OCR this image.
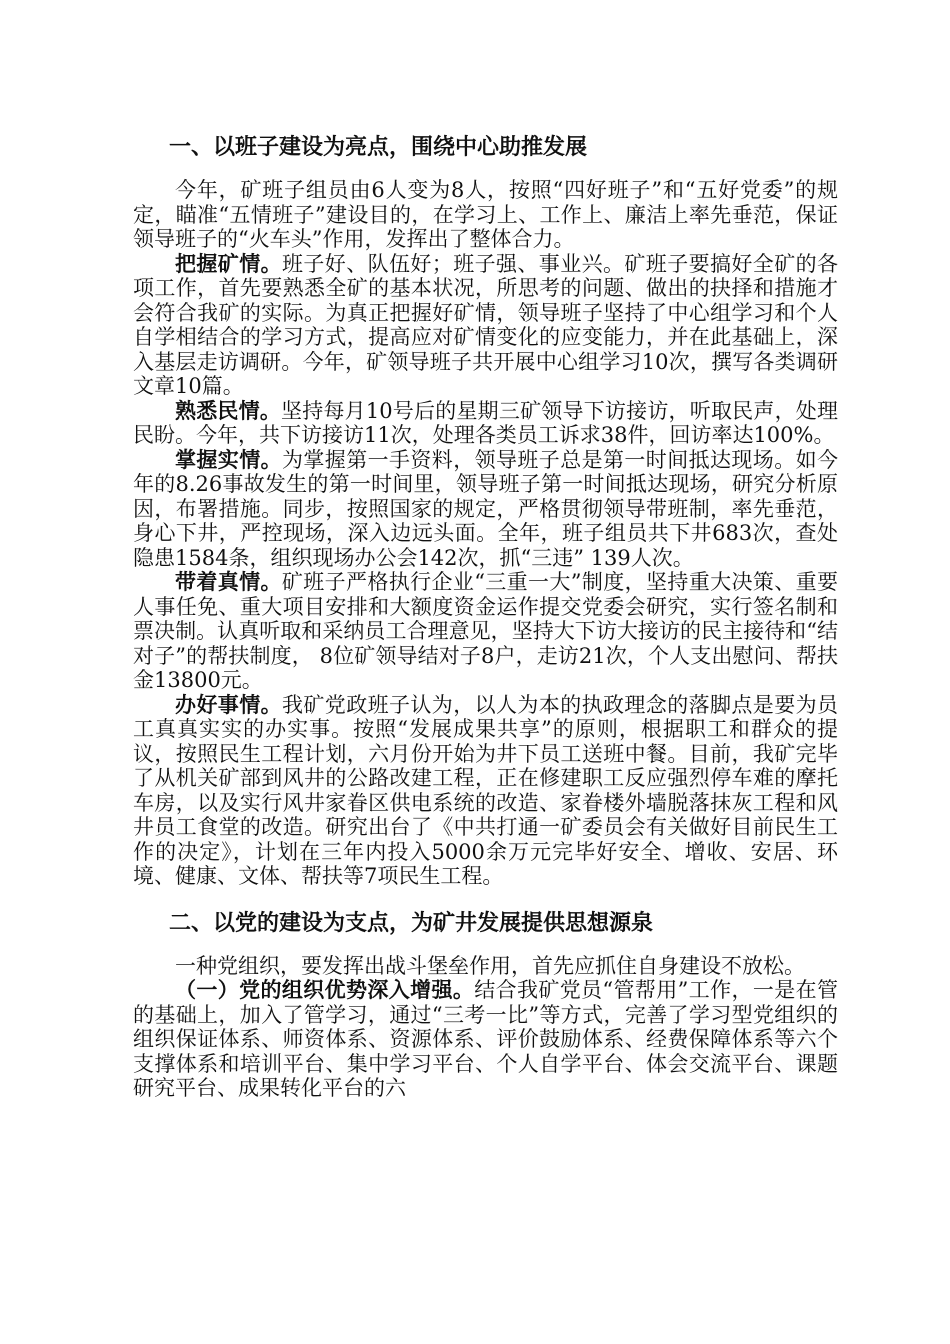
一、以班子建设为亮点，围绕中心助推发展

今年，矿班子组员由6人变为8人，按照“四好班子”和“五好党委”的规定，瞄准“五情班子”建设目的，在学习上、工作上、廉洁上率先垂范，保证领导班子的“火车头”作用，发挥出了整体合力。

把握矿情。班子好、队伍好；班子强、事业兴。矿班子要搞好全矿的各项工作，首先要熟悉全矿的基本状况，所思考的问题、做出的抉择和措施才会符合我矿的实际。为真正把握好矿情，领导班子坚持了中心组学习和个人自学相结合的学习方式，提高应对矿情变化的应变能力，并在此基础上，深入基层走访调研。今年，矿领导班子共开展中心组学习10次，撰写各类调研文章10篇。

熟悉民情。坚持每月10号后的星期三矿领导下访接访，听取民声，处理民盼。今年，共下访接访11次，处理各类员工诉求38件，回访率达100%。

掌握实情。为掌握第一手资料，领导班子总是第一时间抵达现场。如今年的8.26事故发生的第一时间里，领导班子第一时间抵达现场，研究分析原因，布署措施。同步，按照国家的规定，严格贯彻领导带班制，率先垂范，身心下井，严控现场，深入边远头面。全年，班子组员共下井683次，查处隐患1584条，组织现场办公会142次，抓“三违” 139人次。

带着真情。矿班子严格执行企业“三重一大”制度，坚持重大决策、重要人事任免、重大项目安排和大额度资金运作提交党委会研究，实行签名制和票决制。认真听取和采纳员工合理意见，坚持大下访大接访的民主接待和“结对子”的帮扶制度， 8位矿领导结对子8户，走访21次，个人支出慰问、帮扶金13800元。

办好事情。我矿党政班子认为，以人为本的执政理念的落脚点是要为员工真真实实的办实事。按照“发展成果共享”的原则，根据职工和群众的提议，按照民生工程计划，六月份开始为井下员工送班中餐。目前，我矿完毕了从机关矿部到风井的公路改建工程，正在修建职工反应强烈停车难的摩托车房，以及实行风井家眷区供电系统的改造、家眷楼外墙脱落抹灰工程和风井员工食堂的改造。研究出台了《中共打通一矿委员会有关做好目前民生工作的决定》，计划在三年内投入5000余万元完毕好安全、增收、安居、环境、健康、文体、帮扶等7项民生工程。

二、以党的建设为支点，为矿井发展提供思想源泉

一种党组织，要发挥出战斗堡垒作用，首先应抓住自身建设不放松。

（一）党的组织优势深入增强。结合我矿党员“管帮用”工作，一是在管的基础上，加入了管学习，通过“三考一比”等方式，完善了学习型党组织的组织保证体系、师资体系、资源体系、评价鼓励体系、经费保障体系等六个支撑体系和培训平台、集中学习平台、个人自学平台、体会交流平台、课题研究平台、成果转化平台的六
